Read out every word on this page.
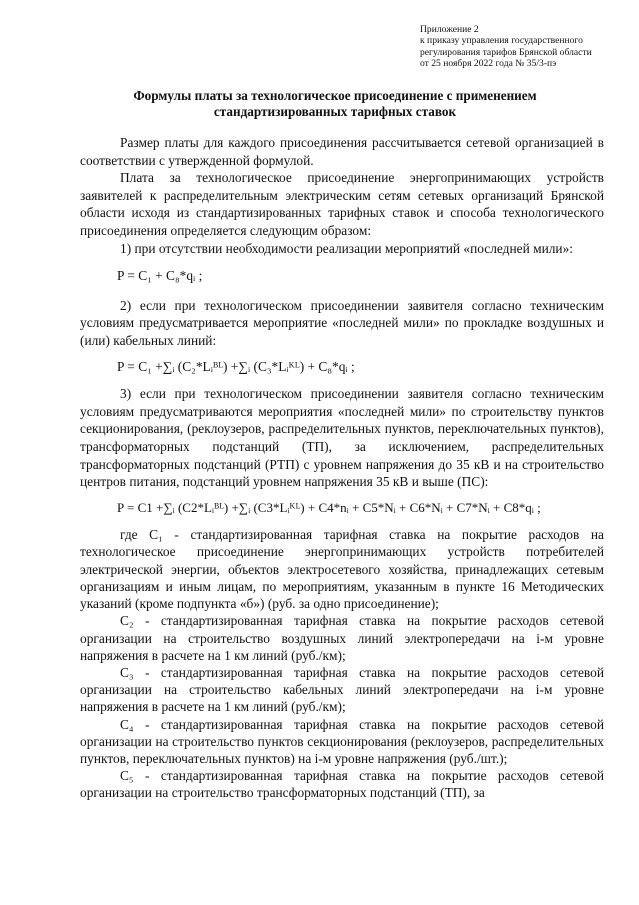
Приложение 2
к приказу управления государственного
регулирования тарифов Брянской области
от 25 ноября 2022 года № 35/3-пэ
Формулы платы за технологическое присоединение с применением
стандартизированных тарифных ставок

Размер платы для каждого присоединения рассчитывается сетевой организацией в соответствии с утвержденной формулой.

Плата за технологическое присоединение энергопринимающих устройств заявителей к распределительным электрическим сетям сетевых организаций Брянской области исходя из стандартизированных тарифных ставок и способа технологического присоединения определяется следующим образом:

1) при отсутствии необходимости реализации мероприятий «последней мили»:

P = C₁ + C₈*qᵢ ;

2) если при технологическом присоединении заявителя согласно техническим условиям предусматривается мероприятие «последней мили» по прокладке воздушных и (или) кабельных линий:

P = C₁ +∑ᵢ (C₂*Lᵢᴮᴸ) +∑ᵢ (C₃*Lᵢᴷᴸ) + C₈*qᵢ ;

3) если при технологическом присоединении заявителя согласно техническим условиям предусматриваются мероприятия «последней мили» по строительству пунктов секционирования, (реклоузеров, распределительных пунктов, переключательных пунктов), трансформаторных подстанций (ТП), за исключением, распределительных трансформаторных подстанций (РТП) с уровнем напряжения до 35 кВ и на строительство центров питания, подстанций уровнем напряжения 35 кВ и выше (ПС):

P = C1 +∑ᵢ (C2*Lᵢᴮᴸ) +∑ᵢ (C3*Lᵢᴷᴸ) + C4*nᵢ + C5*Nᵢ + C6*Nᵢ + C7*Nᵢ + C8*qᵢ ;

где С₁ - стандартизированная тарифная ставка на покрытие расходов на технологическое присоединение энергопринимающих устройств потребителей электрической энергии, объектов электросетевого хозяйства, принадлежащих сетевым организациям и иным лицам, по мероприятиям, указанным в пункте 16 Методических указаний (кроме подпункта «б») (руб. за одно присоединение);

С₂ - стандартизированная тарифная ставка на покрытие расходов сетевой организации на строительство воздушных линий электропередачи на i-м уровне напряжения в расчете на 1 км линий (руб./км);

С₃ - стандартизированная тарифная ставка на покрытие расходов сетевой организации на строительство кабельных линий электропередачи на i-м уровне напряжения в расчете на 1 км линий (руб./км);

С₄ - стандартизированная тарифная ставка на покрытие расходов сетевой организации на строительство пунктов секционирования (реклоузеров, распределительных пунктов, переключательных пунктов) на i-м уровне напряжения (руб./шт.);

С₅ - стандартизированная тарифная ставка на покрытие расходов сетевой организации на строительство трансформаторных подстанций (ТП), за
